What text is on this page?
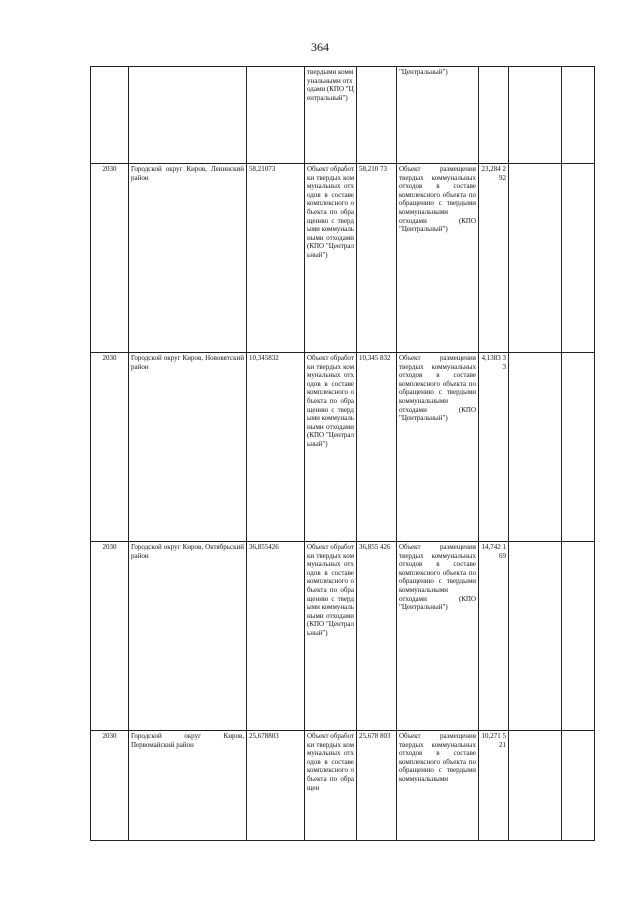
364
			твердыми коммунальными отходами (КПО "Центральный")		"Центральный")			
2030	Городской округ Киров, Ленинский район	58,21073	Объект обработки твердых коммунальных отходов в составе комплексного объекта по обращению с твердыми коммунальными отходами (КПО "Центральный")	58,210 73	Объект размещения твердых коммунальных отходов в составе комплексного объекта по обращению с твердыми коммунальными отходами (КПО "Центральный")	23,284 292		
2030	Городской округ Киров, Нововятский район	10,345832	Объект обработки твердых коммунальных отходов в составе комплексного объекта по обращению с твердыми коммунальными отходами (КПО "Центральный")	10,345 832	Объект размещения твердых коммунальных отходов в составе комплексного объекта по обращению с твердыми коммунальными отходами (КПО "Центральный")	4,1383 33		
2030	Городской округ Киров, Октябрьский район	36,855426	Объект обработки твердых коммунальных отходов в составе комплексного объекта по обращению с твердыми коммунальными отходами (КПО "Центральный")	36,855 426	Объект размещения твердых коммунальных отходов в составе комплексного объекта по обращению с твердыми коммунальными отходами (КПО "Центральный")	14,742 169		
2030	Городской округ Киров, Первомайский район	25,678803	Объект обработки твердых коммунальных отходов в составе комплексного объекта по обращен	25,678 803	Объект размещения твердых коммунальных отходов в составе комплексного объекта по обращению с твердыми коммунальными	10,271 521		
